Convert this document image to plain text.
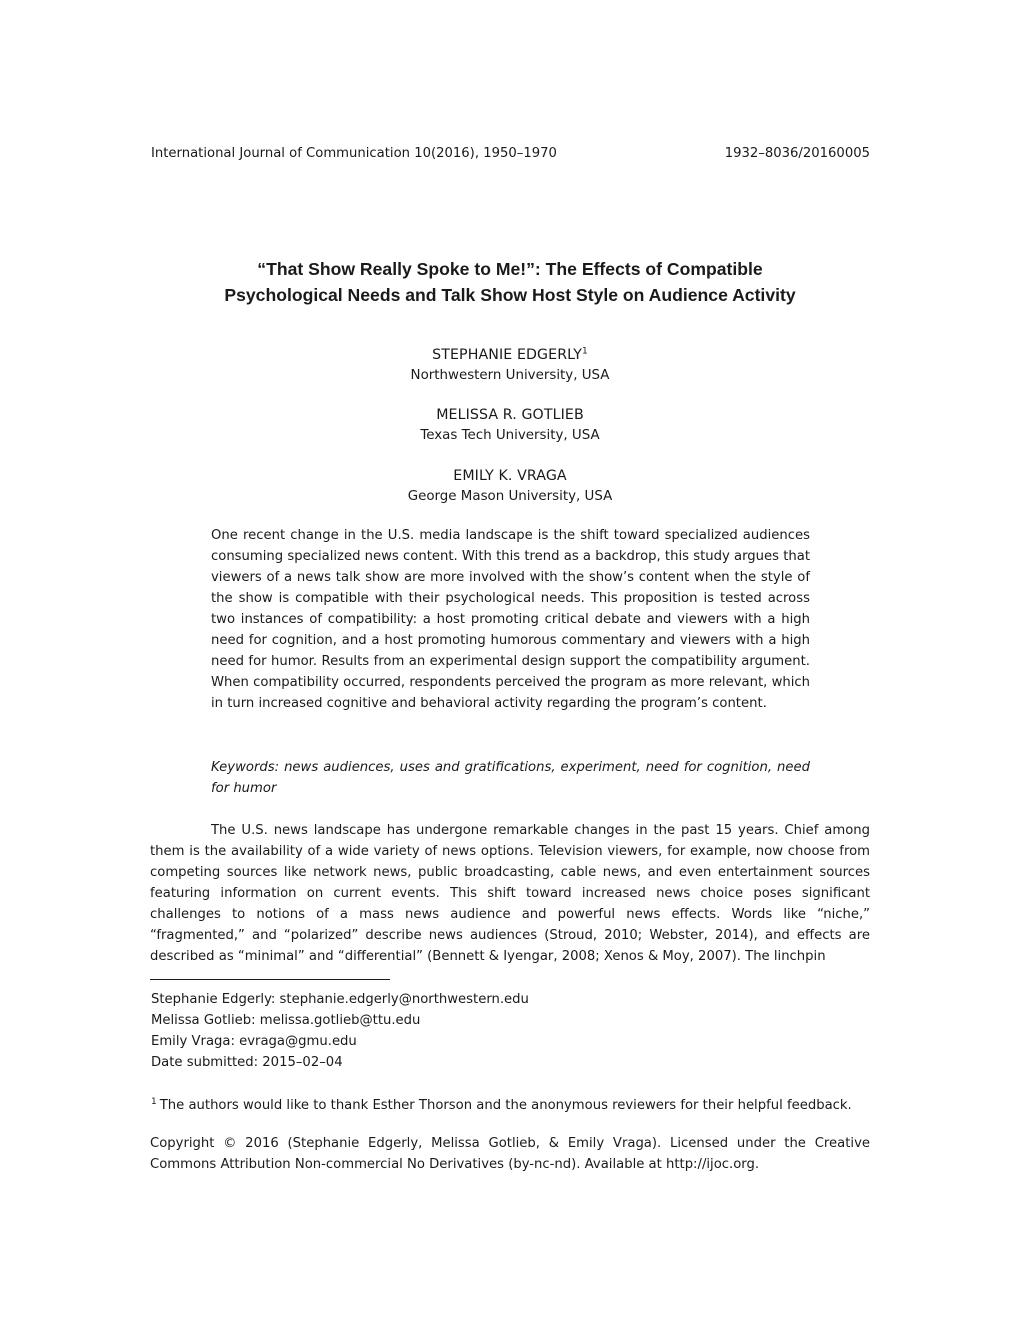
International Journal of Communication 10(2016), 1950–1970	1932–8036/20160005
“That Show Really Spoke to Me!”: The Effects of Compatible
Psychological Needs and Talk Show Host Style on Audience Activity
STEPHANIE EDGERLY$^1$
Northwestern University, USA
MELISSA R. GOTLIEB
Texas Tech University, USA
EMILY K. VRAGA
George Mason University, USA
One recent change in the U.S. media landscape is the shift toward specialized audiences consuming specialized news content. With this trend as a backdrop, this study argues that viewers of a news talk show are more involved with the show’s content when the style of the show is compatible with their psychological needs. This proposition is tested across two instances of compatibility: a host promoting critical debate and viewers with a high need for cognition, and a host promoting humorous commentary and viewers with a high need for humor. Results from an experimental design support the compatibility argument. When compatibility occurred, respondents perceived the program as more relevant, which in turn increased cognitive and behavioral activity regarding the program’s content.
Keywords: news audiences, uses and gratifications, experiment, need for cognition, need for humor
The U.S. news landscape has undergone remarkable changes in the past 15 years. Chief among them is the availability of a wide variety of news options. Television viewers, for example, now choose from competing sources like network news, public broadcasting, cable news, and even entertainment sources featuring information on current events. This shift toward increased news choice poses significant challenges to notions of a mass news audience and powerful news effects. Words like “niche,” “fragmented,” and “polarized” describe news audiences (Stroud, 2010; Webster, 2014), and effects are described as “minimal” and “differential” (Bennett & Iyengar, 2008; Xenos & Moy, 2007). The linchpin
Stephanie Edgerly: stephanie.edgerly@northwestern.edu
Melissa Gotlieb: melissa.gotlieb@ttu.edu
Emily Vraga: evraga@gmu.edu
Date submitted: 2015–02–04
$^1$ The authors would like to thank Esther Thorson and the anonymous reviewers for their helpful feedback.
Copyright © 2016 (Stephanie Edgerly, Melissa Gotlieb, & Emily Vraga). Licensed under the Creative Commons Attribution Non-commercial No Derivatives (by-nc-nd). Available at http://ijoc.org.
